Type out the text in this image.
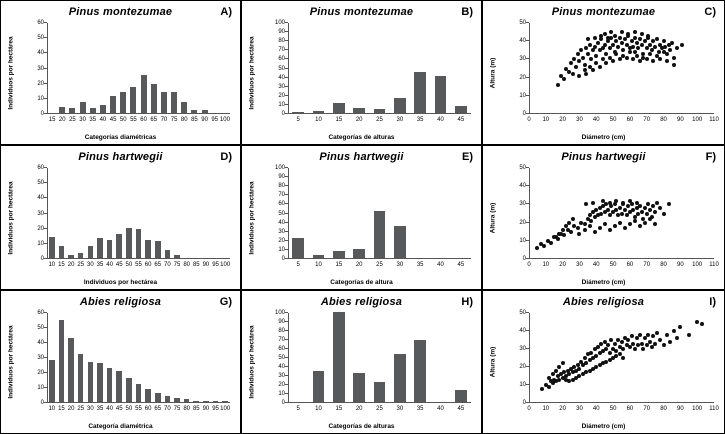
Pinus montezumae	A)
Individuos por hectárea
Categorías diamétricas
0
10
20
30
40
50
60
15 20 25 30 35 40 45 50 55 60 65 70 75 80 85 90 95 100
Pinus montezumae	B)
Individuos por hectárea
Categorías de alturas
0
10
20
30
40
50
60
70
80
90
100
5	10 15 20 25 30 35 40 45
Pinus montezumae	C)
Altura (m)
Diámetro (cm)
0
10
20
30
40
50
0 10 20 30 40 50 60 70 80 90 100 110
Pinus hartwegii	D)
Individuos por hectárea
Individuos por hectárea
0
10
20
30
40
50
60
10 15 20 25 30 35 40 45 50 55 60 65 70 75 80 85 90 95 100
Pinus hartwegii	E)
Individuos por hectárea
Categorías de altura
0
10
20
30
40
50
60
70
80
90
100
5	10 15 20 25 30 35 40 45
Pinus hartwegii	F)
Altura (m)
Diámetro (cm)
0
10
20
30
40
50
0 10 20 30 40 50 60 70 80 90 100 110
Abies religiosa	G)
Individuos por hectárea
Categoría diamétrica
0
10
20
30
40
50
60
10 15 20 25 30 35 40 45 50 55 60 65 70 75 80 85 90 95 100
Abies religiosa	H)
Individuos por hectárea
Categorías de alturas
0
10
20
30
40
50
60
70
80
90
100
5	10 15 20 25 30 35 40 45
Abies religiosa	I)
Altura (m)
Diámetro (cm)
0
10
20
30
40
50
0 10 20 30 40 50 60 70 80 90 100 110
